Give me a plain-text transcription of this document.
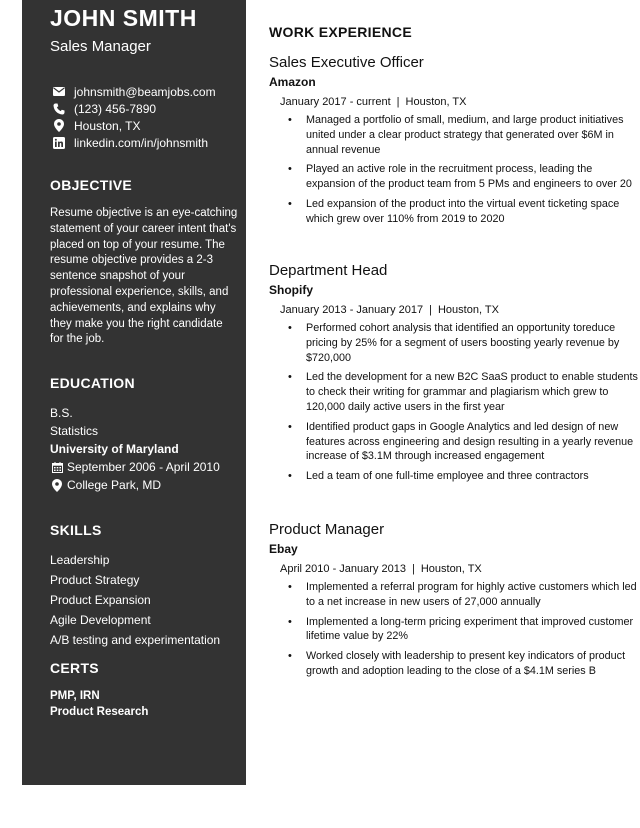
JOHN SMITH
Sales Manager
johnsmith@beamjobs.com
(123) 456-7890
Houston, TX
linkedin.com/in/johnsmith
OBJECTIVE
Resume objective is an eye-catching statement of your career intent that's placed on top of your resume. The resume objective provides a 2-3 sentence snapshot of your professional experience, skills, and achievements, and explains why they make you the right candidate for the job.
EDUCATION
B.S.
Statistics
University of Maryland
September 2006 - April 2010
College Park, MD
SKILLS
Leadership
Product Strategy
Product Expansion
Agile Development
A/B testing and experimentation
CERTS
PMP, IRN
Product Research
WORK EXPERIENCE
Sales Executive Officer
Amazon
January 2017 - current | Houston, TX
• Managed a portfolio of small, medium, and large product initiatives united under a clear product strategy that generated over $6M in annual revenue
• Played an active role in the recruitment process, leading the expansion of the product team from 5 PMs and engineers to over 20
• Led expansion of the product into the virtual event ticketing space which grew over 110% from 2019 to 2020
Department Head
Shopify
January 2013 - January 2017 | Houston, TX
• Performed cohort analysis that identified an opportunity toreduce pricing by 25% for a segment of users boosting yearly revenue by $720,000
• Led the development for a new B2C SaaS product to enable students to check their writing for grammar and plagiarism which grew to 120,000 daily active users in the first year
• Identified product gaps in Google Analytics and led design of new features across engineering and design resulting in a yearly revenue increase of $3.1M through increased engagement
• Led a team of one full-time employee and three contractors
Product Manager
Ebay
April 2010 - January 2013 | Houston, TX
• Implemented a referral program for highly active customers which led to a net increase in new users of 27,000 annually
• Implemented a long-term pricing experiment that improved customer lifetime value by 22%
• Worked closely with leadership to present key indicators of product growth and adoption leading to the close of a $4.1M series B
